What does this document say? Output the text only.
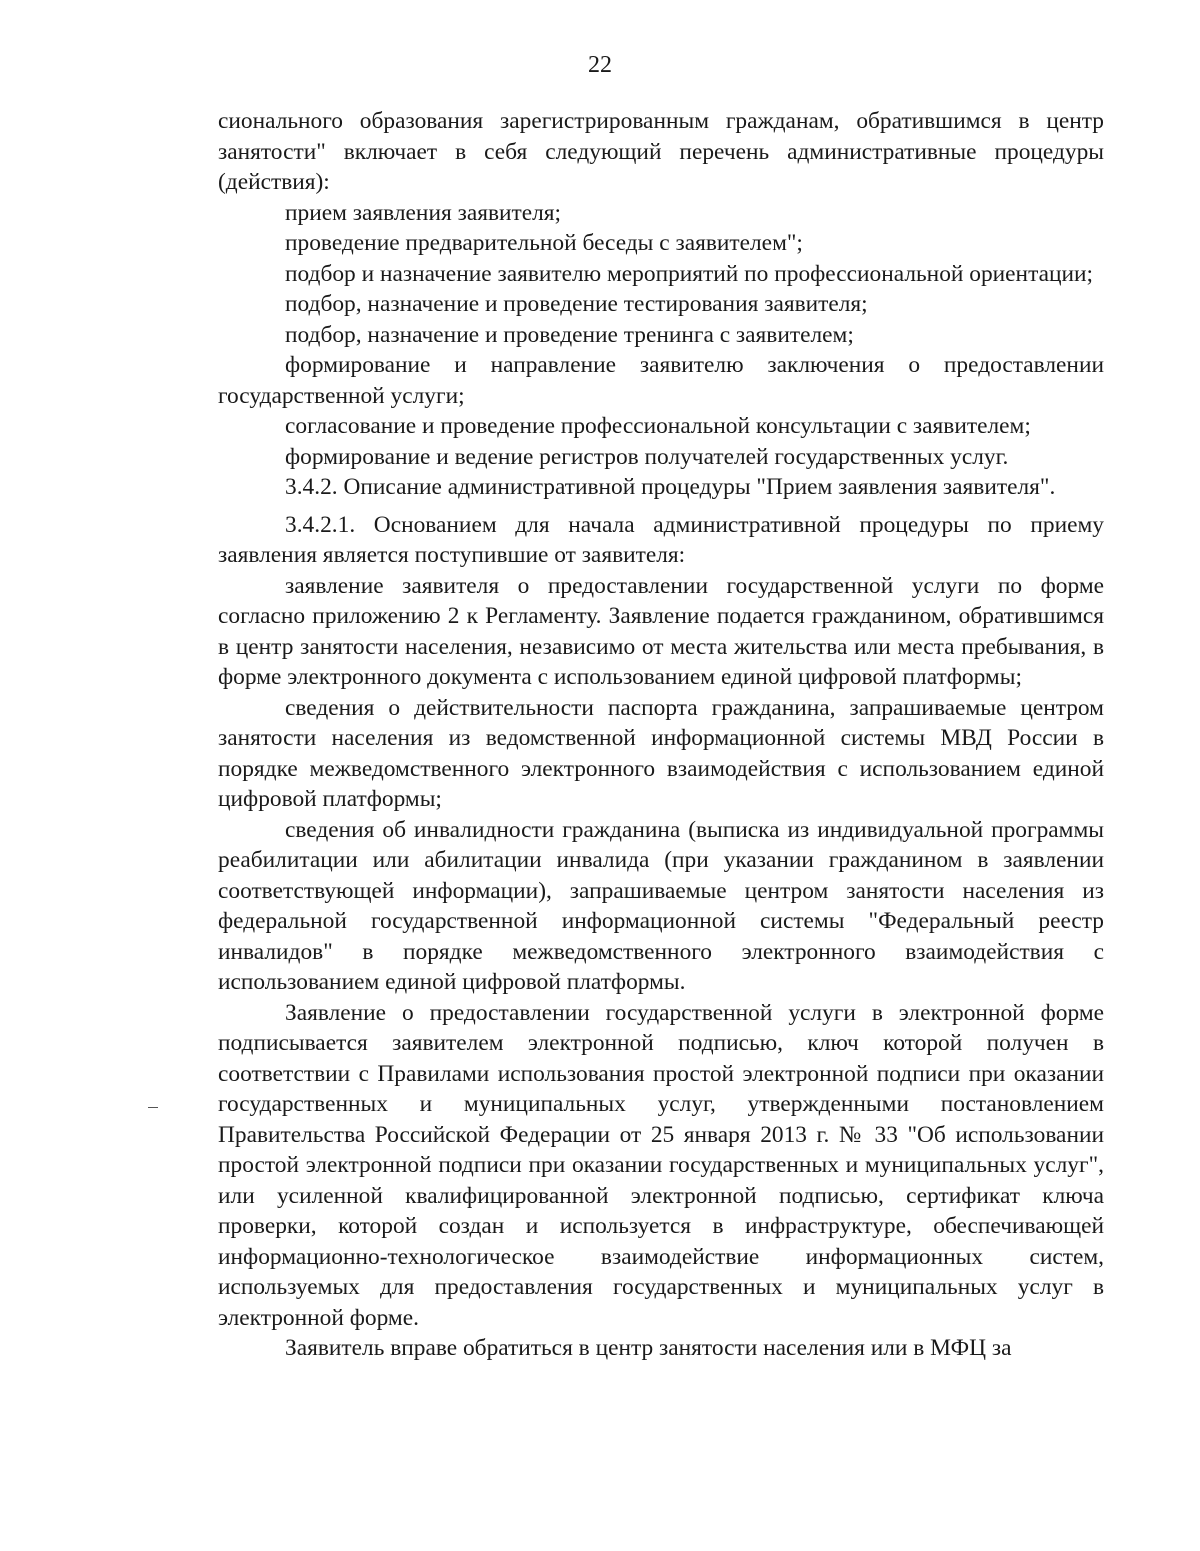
22

сионального образования зарегистрированным гражданам, обратившимся в центр занятости" включает в себя следующий перечень административные процедуры (действия):

прием заявления заявителя;

проведение предварительной беседы с заявителем";

подбор и назначение заявителю мероприятий по профессиональной ориентации;

подбор, назначение и проведение тестирования заявителя;

подбор, назначение и проведение тренинга с заявителем;

формирование и направление заявителю заключения о предоставлении государственной услуги;

согласование и проведение профессиональной консультации с заявителем;

формирование и ведение регистров получателей государственных услуг.

3.4.2. Описание административной процедуры "Прием заявления заявителя".

3.4.2.1. Основанием для начала административной процедуры по приему заявления является поступившие от заявителя:

заявление заявителя о предоставлении государственной услуги по форме согласно приложению 2 к Регламенту. Заявление подается гражданином, обратившимся в центр занятости населения, независимо от места жительства или места пребывания, в форме электронного документа с использованием единой цифровой платформы;

сведения о действительности паспорта гражданина, запрашиваемые центром занятости населения из ведомственной информационной системы МВД России в порядке межведомственного электронного взаимодействия с использованием единой цифровой платформы;

сведения об инвалидности гражданина (выписка из индивидуальной программы реабилитации или абилитации инвалида (при указании гражданином в заявлении соответствующей информации), запрашиваемые центром занятости населения из федеральной государственной информационной системы "Федеральный реестр инвалидов" в порядке межведомственного электронного взаимодействия с использованием единой цифровой платформы.

Заявление о предоставлении государственной услуги в электронной форме подписывается заявителем электронной подписью, ключ которой получен в соответствии с Правилами использования простой электронной подписи при оказании государственных и муниципальных услуг, утвержденными постановлением Правительства Российской Федерации от 25 января 2013 г. № 33 "Об использовании простой электронной подписи при оказании государственных и муниципальных услуг", или усиленной квалифицированной электронной подписью, сертификат ключа проверки, которой создан и используется в инфраструктуре, обеспечивающей информационно-технологическое взаимодействие информационных систем, используемых для предоставления государственных и муниципальных услуг в электронной форме.

Заявитель вправе обратиться в центр занятости населения или в МФЦ за
